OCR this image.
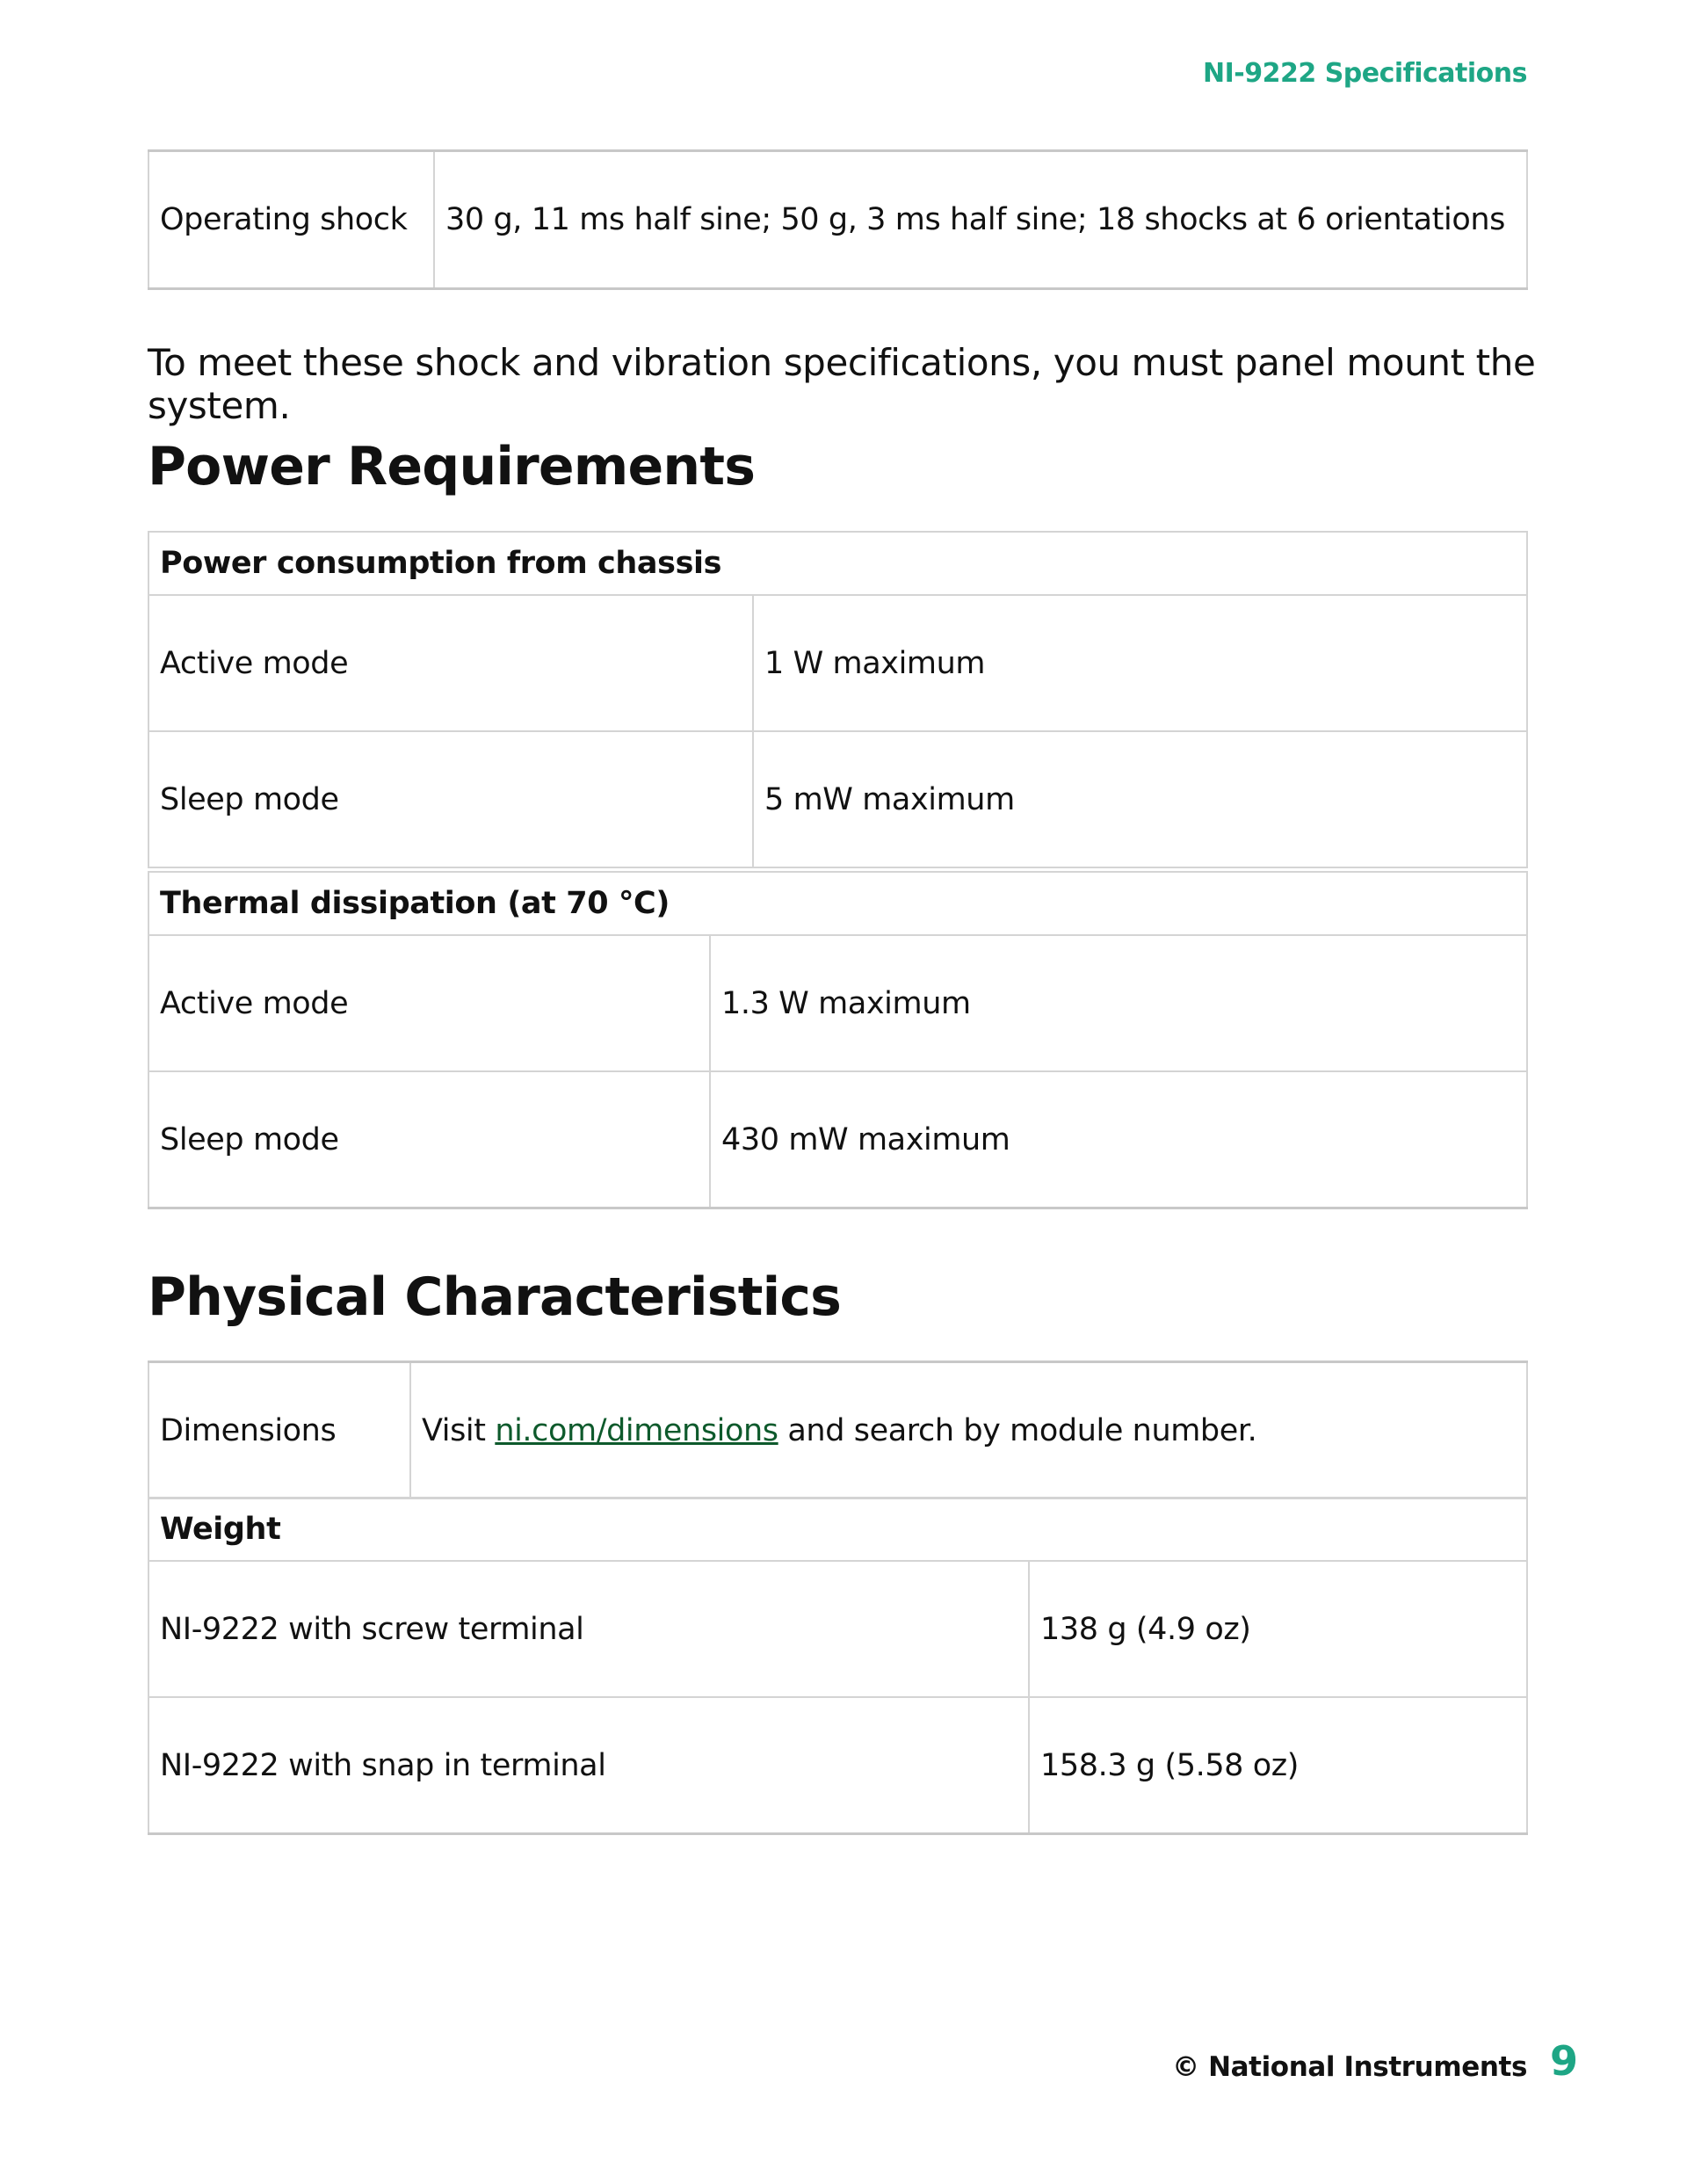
NI-9222 Specifications
Operating shock	30 g, 11 ms half sine; 50 g, 3 ms half sine; 18 shocks at 6 orientations
To meet these shock and vibration specifications, you must panel mount the system.
Power Requirements
Power consumption from chassis	
Active mode	1 W maximum
Sleep mode	5 mW maximum
Thermal dissipation (at 70 °C)	
Active mode	1.3 W maximum
Sleep mode	430 mW maximum
Physical Characteristics
Dimensions	Visit ni.com/dimensions and search by module number.
Weight	
NI-9222 with screw terminal	138 g (4.9 oz)
NI-9222 with snap in terminal	158.3 g (5.58 oz)
© National Instruments 9
